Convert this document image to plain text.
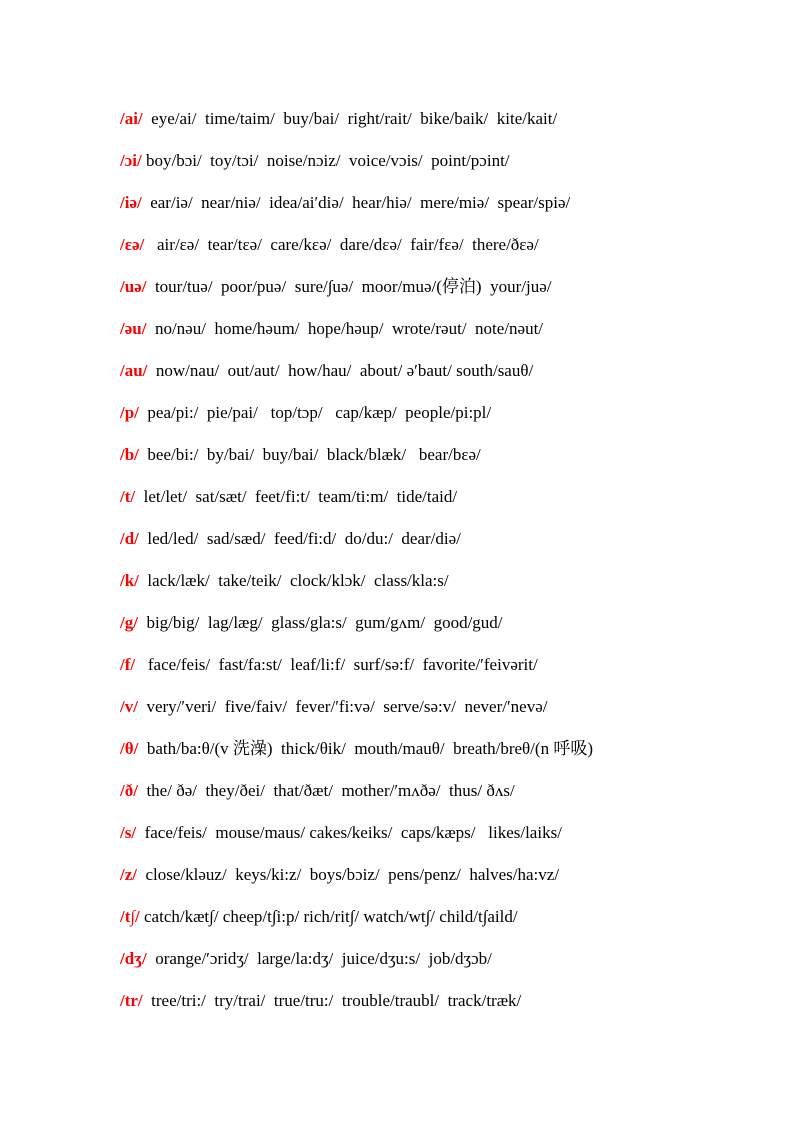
/ai/  eye/ai/  time/taim/  buy/bai/  right/rait/  bike/baik/  kite/kait/
/ɔi/ boy/bɔi/  toy/tɔi/  noise/nɔiz/  voice/vɔis/  point/pɔint/
/iə/  ear/iə/  near/niə/  idea/ai′diə/  hear/hiə/  mere/miə/  spear/spiə/
/εə/   air/εə/  tear/tεə/  care/kεə/  dare/dεə/  fair/fεə/  there/ðεə/
/uə/  tour/tuə/  poor/puə/  sure/∫uə/  moor/muə/(停泊)  your/juə/
/əu/  no/nəu/  home/həum/  hope/həup/  wrote/rəut/  note/nəut/
/au/  now/nau/  out/aut/  how/hau/  about/ ə′baut/ south/sauθ/
/p/  pea/pi:/  pie/pai/   top/tɔp/   cap/kæp/  people/pi:pl/
/b/  bee/bi:/  by/bai/  buy/bai/  black/blæk/   bear/bεə/
/t/  let/let/  sat/sæt/  feet/fi:t/  team/ti:m/  tide/taid/
/d/  led/led/  sad/sæd/  feed/fi:d/  do/du:/  dear/diə/
/k/  lack/læk/  take/teik/  clock/klɔk/  class/kla:s/
/g/  big/big/  lag/læg/  glass/gla:s/  gum/gʌm/  good/gud/
/f/   face/feis/  fast/fa:st/  leaf/li:f/  surf/sə:f/  favorite/′feivərit/
/v/  very/′veri/  five/faiv/  fever/′fi:və/  serve/sə:v/  never/′nevə/
/θ/  bath/ba:θ/(v 洗澡)  thick/θik/  mouth/mauθ/  breath/breθ/(n 呼吸)
/ð/  the/ ðə/  they/ðei/  that/ðæt/  mother/′mʌðə/  thus/ ðʌs/
/s/  face/feis/  mouse/maus/ cakes/keiks/  caps/kæps/   likes/laiks/
/z/  close/kləuz/  keys/ki:z/  boys/bɔiz/  pens/penz/  halves/ha:vz/
/t∫/ catch/kæt∫/ cheep/t∫i:p/ rich/rit∫/ watch/wt∫/ child/t∫aild/
/dʒ/  orange/′ɔridʒ/  large/la:dʒ/  juice/dʒu:s/  job/dʒɔb/
/tr/  tree/tri:/  try/trai/  true/tru:/  trouble/traubl/  track/træk/
